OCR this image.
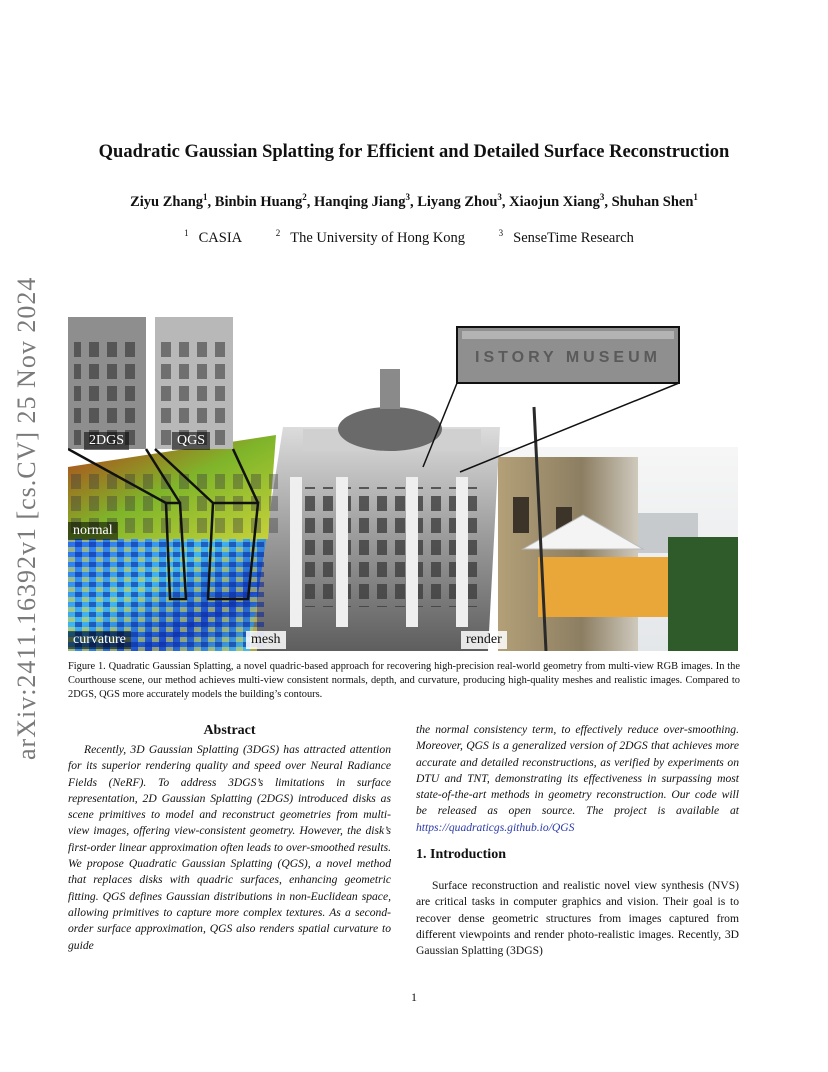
arXiv:2411.16392v1 [cs.CV] 25 Nov 2024
Quadratic Gaussian Splatting for Efficient and Detailed Surface Reconstruction
Ziyu Zhang$^1$, Binbin Huang$^2$, Hanqing Jiang$^3$, Liyang Zhou$^3$, Xiaojun Xiang$^3$, Shuhan Shen$^1$
$^1$ CASIA	$^2$ The University of Hong Kong	$^3$ SenseTime Research
ISTORY MUSEUM
2DGS	QGS
normal
curvature	mesh	render
Figure 1. Quadratic Gaussian Splatting, a novel quadric-based approach for recovering high-precision real-world geometry from multi-view RGB images. In the Courthouse scene, our method achieves multi-view consistent normals, depth, and curvature, producing high-quality meshes and realistic images. Compared to 2DGS, QGS more accurately models the building’s contours.
Abstract

Recently, 3D Gaussian Splatting (3DGS) has attracted attention for its superior rendering quality and speed over Neural Radiance Fields (NeRF). To address 3DGS’s limitations in surface representation, 2D Gaussian Splatting (2DGS) introduced disks as scene primitives to model and reconstruct geometries from multi-view images, offering view-consistent geometry. However, the disk’s first-order linear approximation often leads to over-smoothed results. We propose Quadratic Gaussian Splatting (QGS), a novel method that replaces disks with quadric surfaces, enhancing geometric fitting. QGS defines Gaussian distributions in non-Euclidean space, allowing primitives to capture more complex textures. As a second-order surface approximation, QGS also renders spatial curvature to guide

the normal consistency term, to effectively reduce over-smoothing. Moreover, QGS is a generalized version of 2DGS that achieves more accurate and detailed reconstructions, as verified by experiments on DTU and TNT, demonstrating its effectiveness in surpassing most state-of-the-art methods in geometry reconstruction. Our code will be released as open source. The project is available at https://quadraticgs.github.io/QGS

1. Introduction

Surface reconstruction and realistic novel view synthesis (NVS) are critical tasks in computer graphics and vision. Their goal is to recover dense geometric structures from images captured from different viewpoints and render photo-realistic images. Recently, 3D Gaussian Splatting (3DGS)

1
